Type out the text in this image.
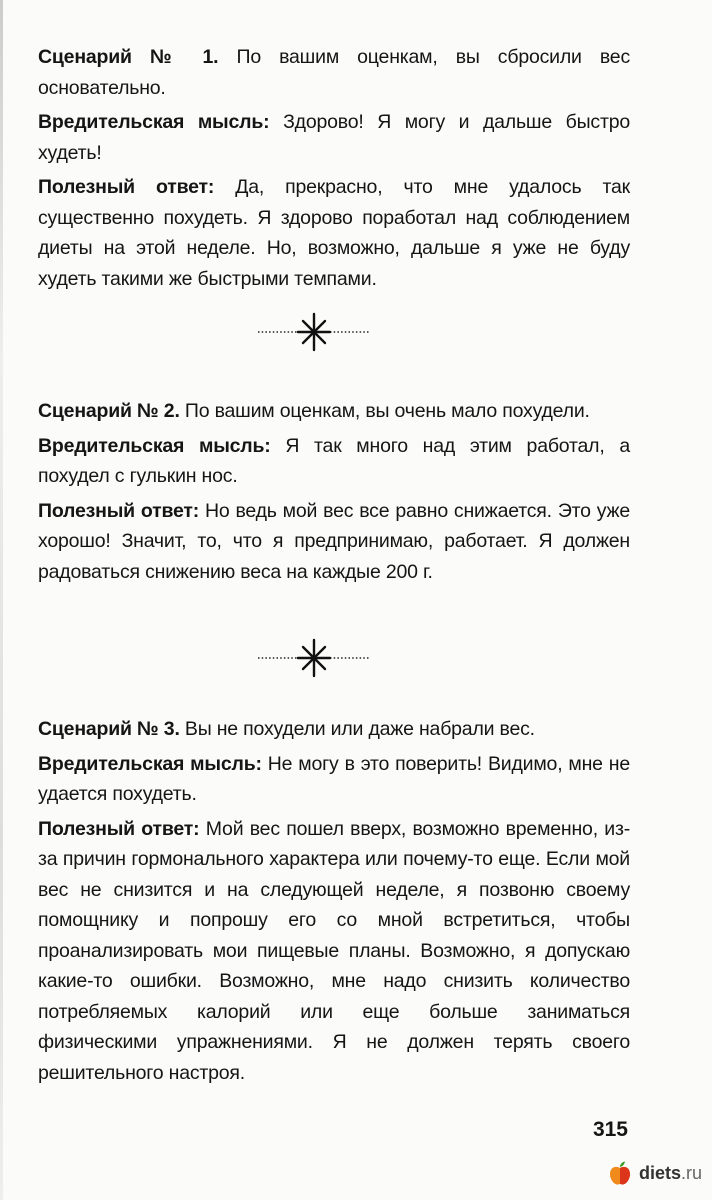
Сценарий № 1. По вашим оценкам, вы сбросили вес основательно.

Вредительская мысль: Здорово! Я могу и дальше быстро худеть!

Полезный ответ: Да, прекрасно, что мне удалось так существенно похудеть. Я здорово поработал над соблюдением диеты на этой неделе. Но, возможно, дальше я уже не буду худеть такими же быстрыми темпами.

Сценарий № 2. По вашим оценкам, вы очень мало похудели.

Вредительская мысль: Я так много над этим работал, а похудел с гулькин нос.

Полезный ответ: Но ведь мой вес все равно снижается. Это уже хорошо! Значит, то, что я предпринимаю, работает. Я должен радоваться снижению веса на каждые 200 г.

Сценарий № 3. Вы не похудели или даже набрали вес.

Вредительская мысль: Не могу в это поверить! Видимо, мне не удается похудеть.

Полезный ответ: Мой вес пошел вверх, возможно временно, из-за причин гормонального характера или почему-то еще. Если мой вес не снизится и на следующей неделе, я позвоню своему помощнику и попрошу его со мной встретиться, чтобы проанализировать мои пищевые планы. Возможно, я допускаю какие-то ошибки. Возможно, мне надо снизить количество потребляемых калорий или еще больше заниматься физическими упражнениями. Я не должен терять своего решительного настроя.

315
diets .ru
